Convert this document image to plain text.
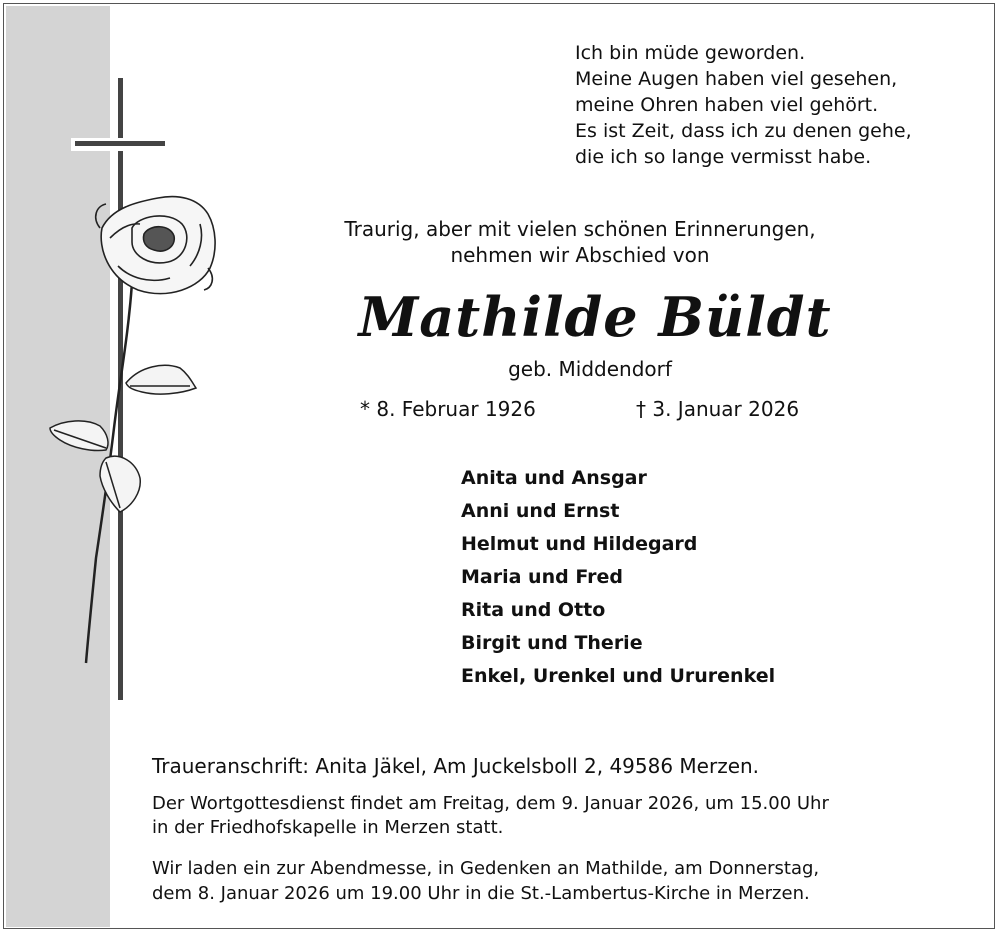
Ich bin müde geworden.
Meine Augen haben viel gesehen,
meine Ohren haben viel gehört.
Es ist Zeit, dass ich zu denen gehe,
die ich so lange vermisst habe.
Traurig, aber mit vielen schönen Erinnerungen,
nehmen wir Abschied von
Mathilde Büldt
geb. Middendorf
* 8. Februar 1926	† 3. Januar 2026
Anita und Ansgar
Anni und Ernst
Helmut und Hildegard
Maria und Fred
Rita und Otto
Birgit und Therie
Enkel, Urenkel und Ururenkel
Traueranschrift: Anita Jäkel, Am Juckelsboll 2, 49586 Merzen.
Der Wortgottesdienst findet am Freitag, dem 9. Januar 2026, um 15.00 Uhr
in der Friedhofskapelle in Merzen statt.
Wir laden ein zur Abendmesse, in Gedenken an Mathilde, am Donnerstag,
dem 8. Januar 2026 um 19.00 Uhr in die St.-Lambertus-Kirche in Merzen.
